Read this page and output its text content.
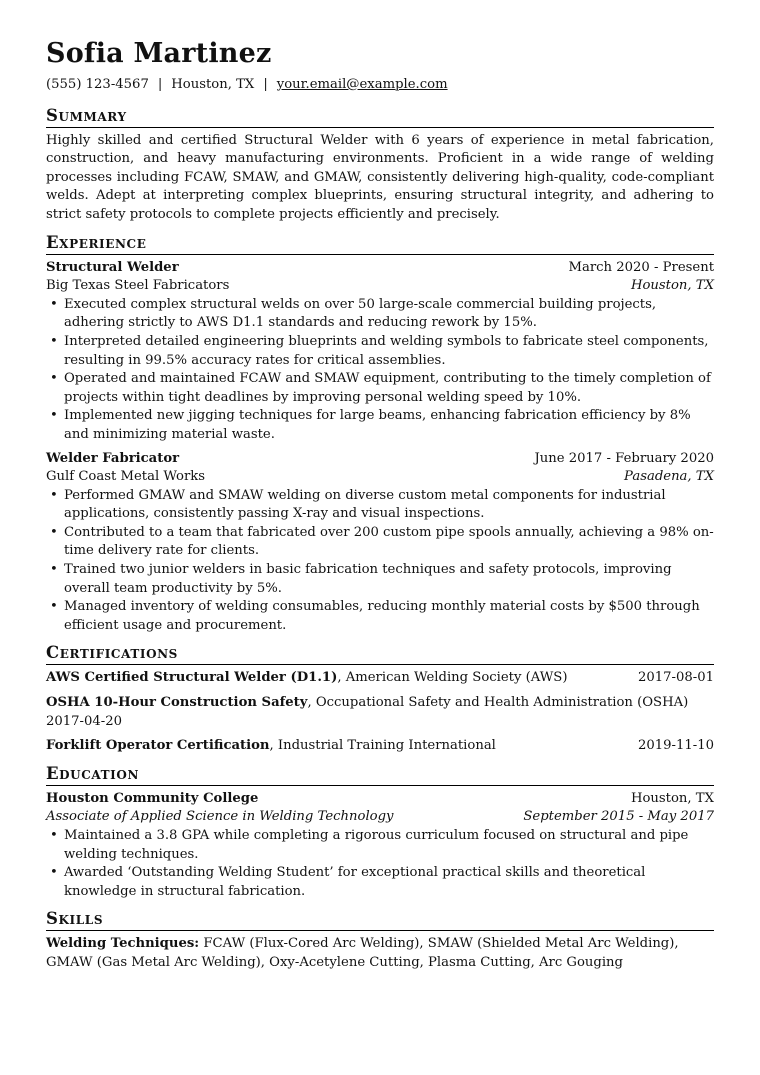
Sofia Martinez
(555) 123-4567 | Houston, TX | your.email@example.com
Summary
Highly skilled and certified Structural Welder with 6 years of experience in metal fabrication, construction, and heavy manufacturing environments. Proficient in a wide range of welding processes including FCAW, SMAW, and GMAW, consistently delivering high-quality, code-compliant welds. Adept at interpreting complex blueprints, ensuring structural integrity, and adhering to strict safety protocols to complete projects efficiently and precisely.
Experience
Structural Welder	March 2020 - Present
Big Texas Steel Fabricators	Houston, TX
• Executed complex structural welds on over 50 large-scale commercial building projects, adhering strictly to AWS D1.1 standards and reducing rework by 15%.
• Interpreted detailed engineering blueprints and welding symbols to fabricate steel components, resulting in 99.5% accuracy rates for critical assemblies.
• Operated and maintained FCAW and SMAW equipment, contributing to the timely completion of projects within tight deadlines by improving personal welding speed by 10%.
• Implemented new jigging techniques for large beams, enhancing fabrication efficiency by 8% and minimizing material waste.
Welder Fabricator	June 2017 - February 2020
Gulf Coast Metal Works	Pasadena, TX
• Performed GMAW and SMAW welding on diverse custom metal components for industrial applications, consistently passing X-ray and visual inspections.
• Contributed to a team that fabricated over 200 custom pipe spools annually, achieving a 98% on-time delivery rate for clients.
• Trained two junior welders in basic fabrication techniques and safety protocols, improving overall team productivity by 5%.
• Managed inventory of welding consumables, reducing monthly material costs by $500 through efficient usage and procurement.
Certifications
AWS Certified Structural Welder (D1.1), American Welding Society (AWS)	2017-08-01
OSHA 10-Hour Construction Safety, Occupational Safety and Health Administration (OSHA)
2017-04-20
Forklift Operator Certification, Industrial Training International	2019-11-10
Education
Houston Community College	Houston, TX
Associate of Applied Science in Welding Technology	September 2015 - May 2017
• Maintained a 3.8 GPA while completing a rigorous curriculum focused on structural and pipe welding techniques.
• Awarded ‘Outstanding Welding Student’ for exceptional practical skills and theoretical knowledge in structural fabrication.
Skills
Welding Techniques: FCAW (Flux-Cored Arc Welding), SMAW (Shielded Metal Arc Welding), GMAW (Gas Metal Arc Welding), Oxy-Acetylene Cutting, Plasma Cutting, Arc Gouging
